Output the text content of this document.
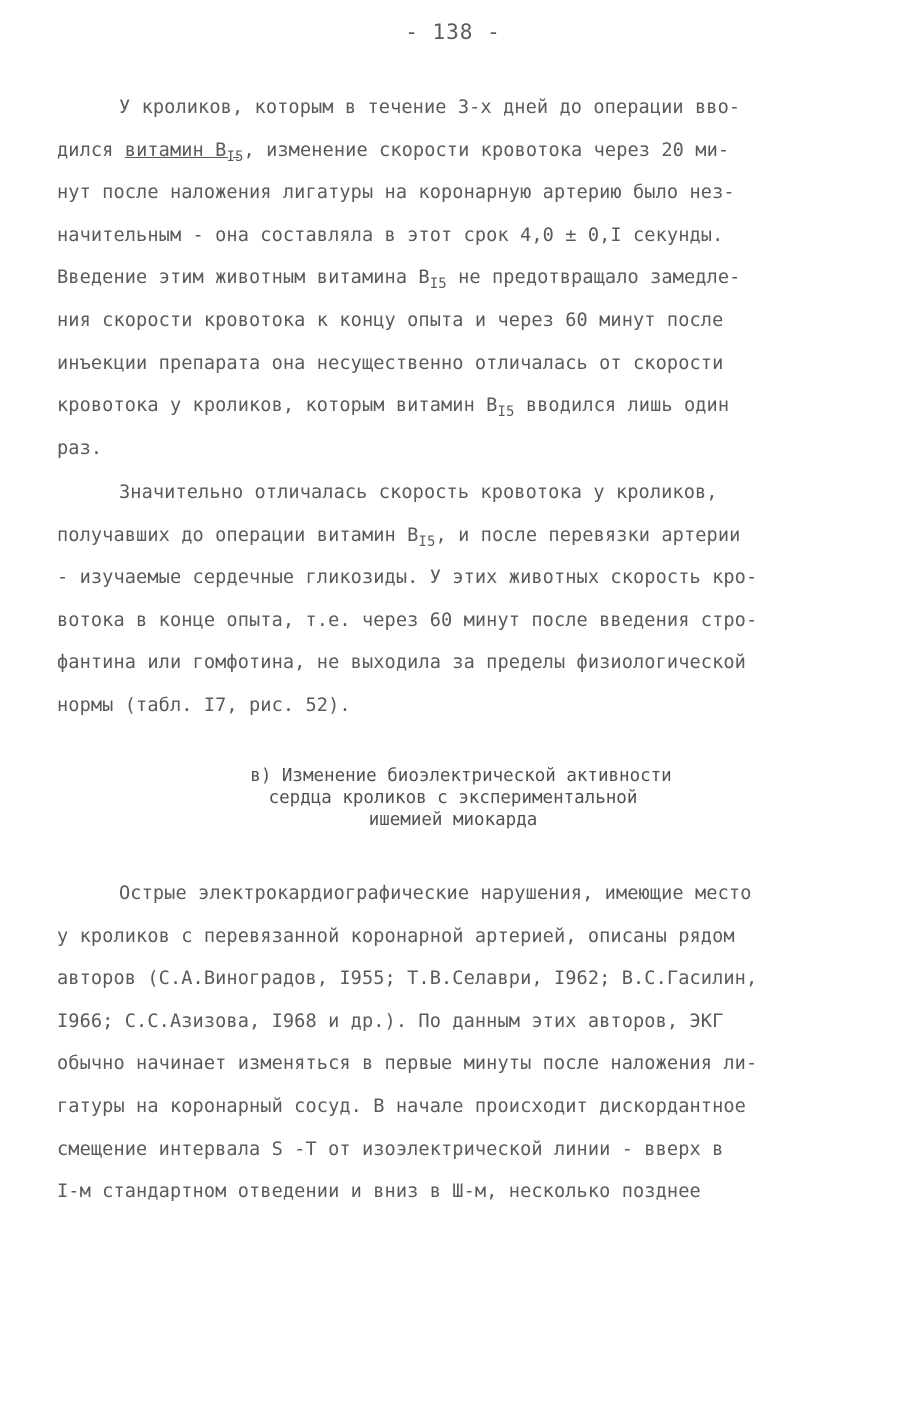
- 138 -
У кроликов, которым в течение 3-х дней до операции вво-
дился витамин $В_{I5}$, изменение скорости кровотока через 20 ми-
нут после наложения лигатуры на коронарную артерию было нез-
начительным - она составляла в этот срок 4,0 ± 0,I секунды.
Введение этим животным витамина $В_{I5}$ не предотвращало замедле-
ния скорости кровотока к концу опыта и через 60 минут после
инъекции препарата она несущественно отличалась от скорости
кровотока у кроликов, которым витамин $В_{I5}$ вводился лишь один
раз.
Значительно отличалась скорость кровотока у кроликов,
получавших до операции витамин $В_{I5}$, и после перевязки артерии
- изучаемые сердечные гликозиды. У этих животных скорость кро-
вотока в конце опыта, т.е. через 60 минут после введения стро-
фантина или гомфотина, не выходила за пределы физиологической
нормы (табл. I7, рис. 52).
в) Изменение биоэлектрической активности
сердца кроликов с экспериментальной
ишемией миокарда
Острые электрокардиографические нарушения, имеющие место
у кроликов с перевязанной коронарной артерией, описаны рядом
авторов (С.А.Виноградов, I955; Т.В.Селаври, I962; В.С.Гасилин,
I966; С.С.Азизова, I968 и др.). По данным этих авторов, ЭКГ
обычно начинает изменяться в первые минуты после наложения ли-
гатуры на коронарный сосуд. В начале происходит дискордантное
смещение интервала S -Т от изоэлектрической линии - вверх в
I-м стандартном отведении и вниз в Ш-м, несколько позднее
